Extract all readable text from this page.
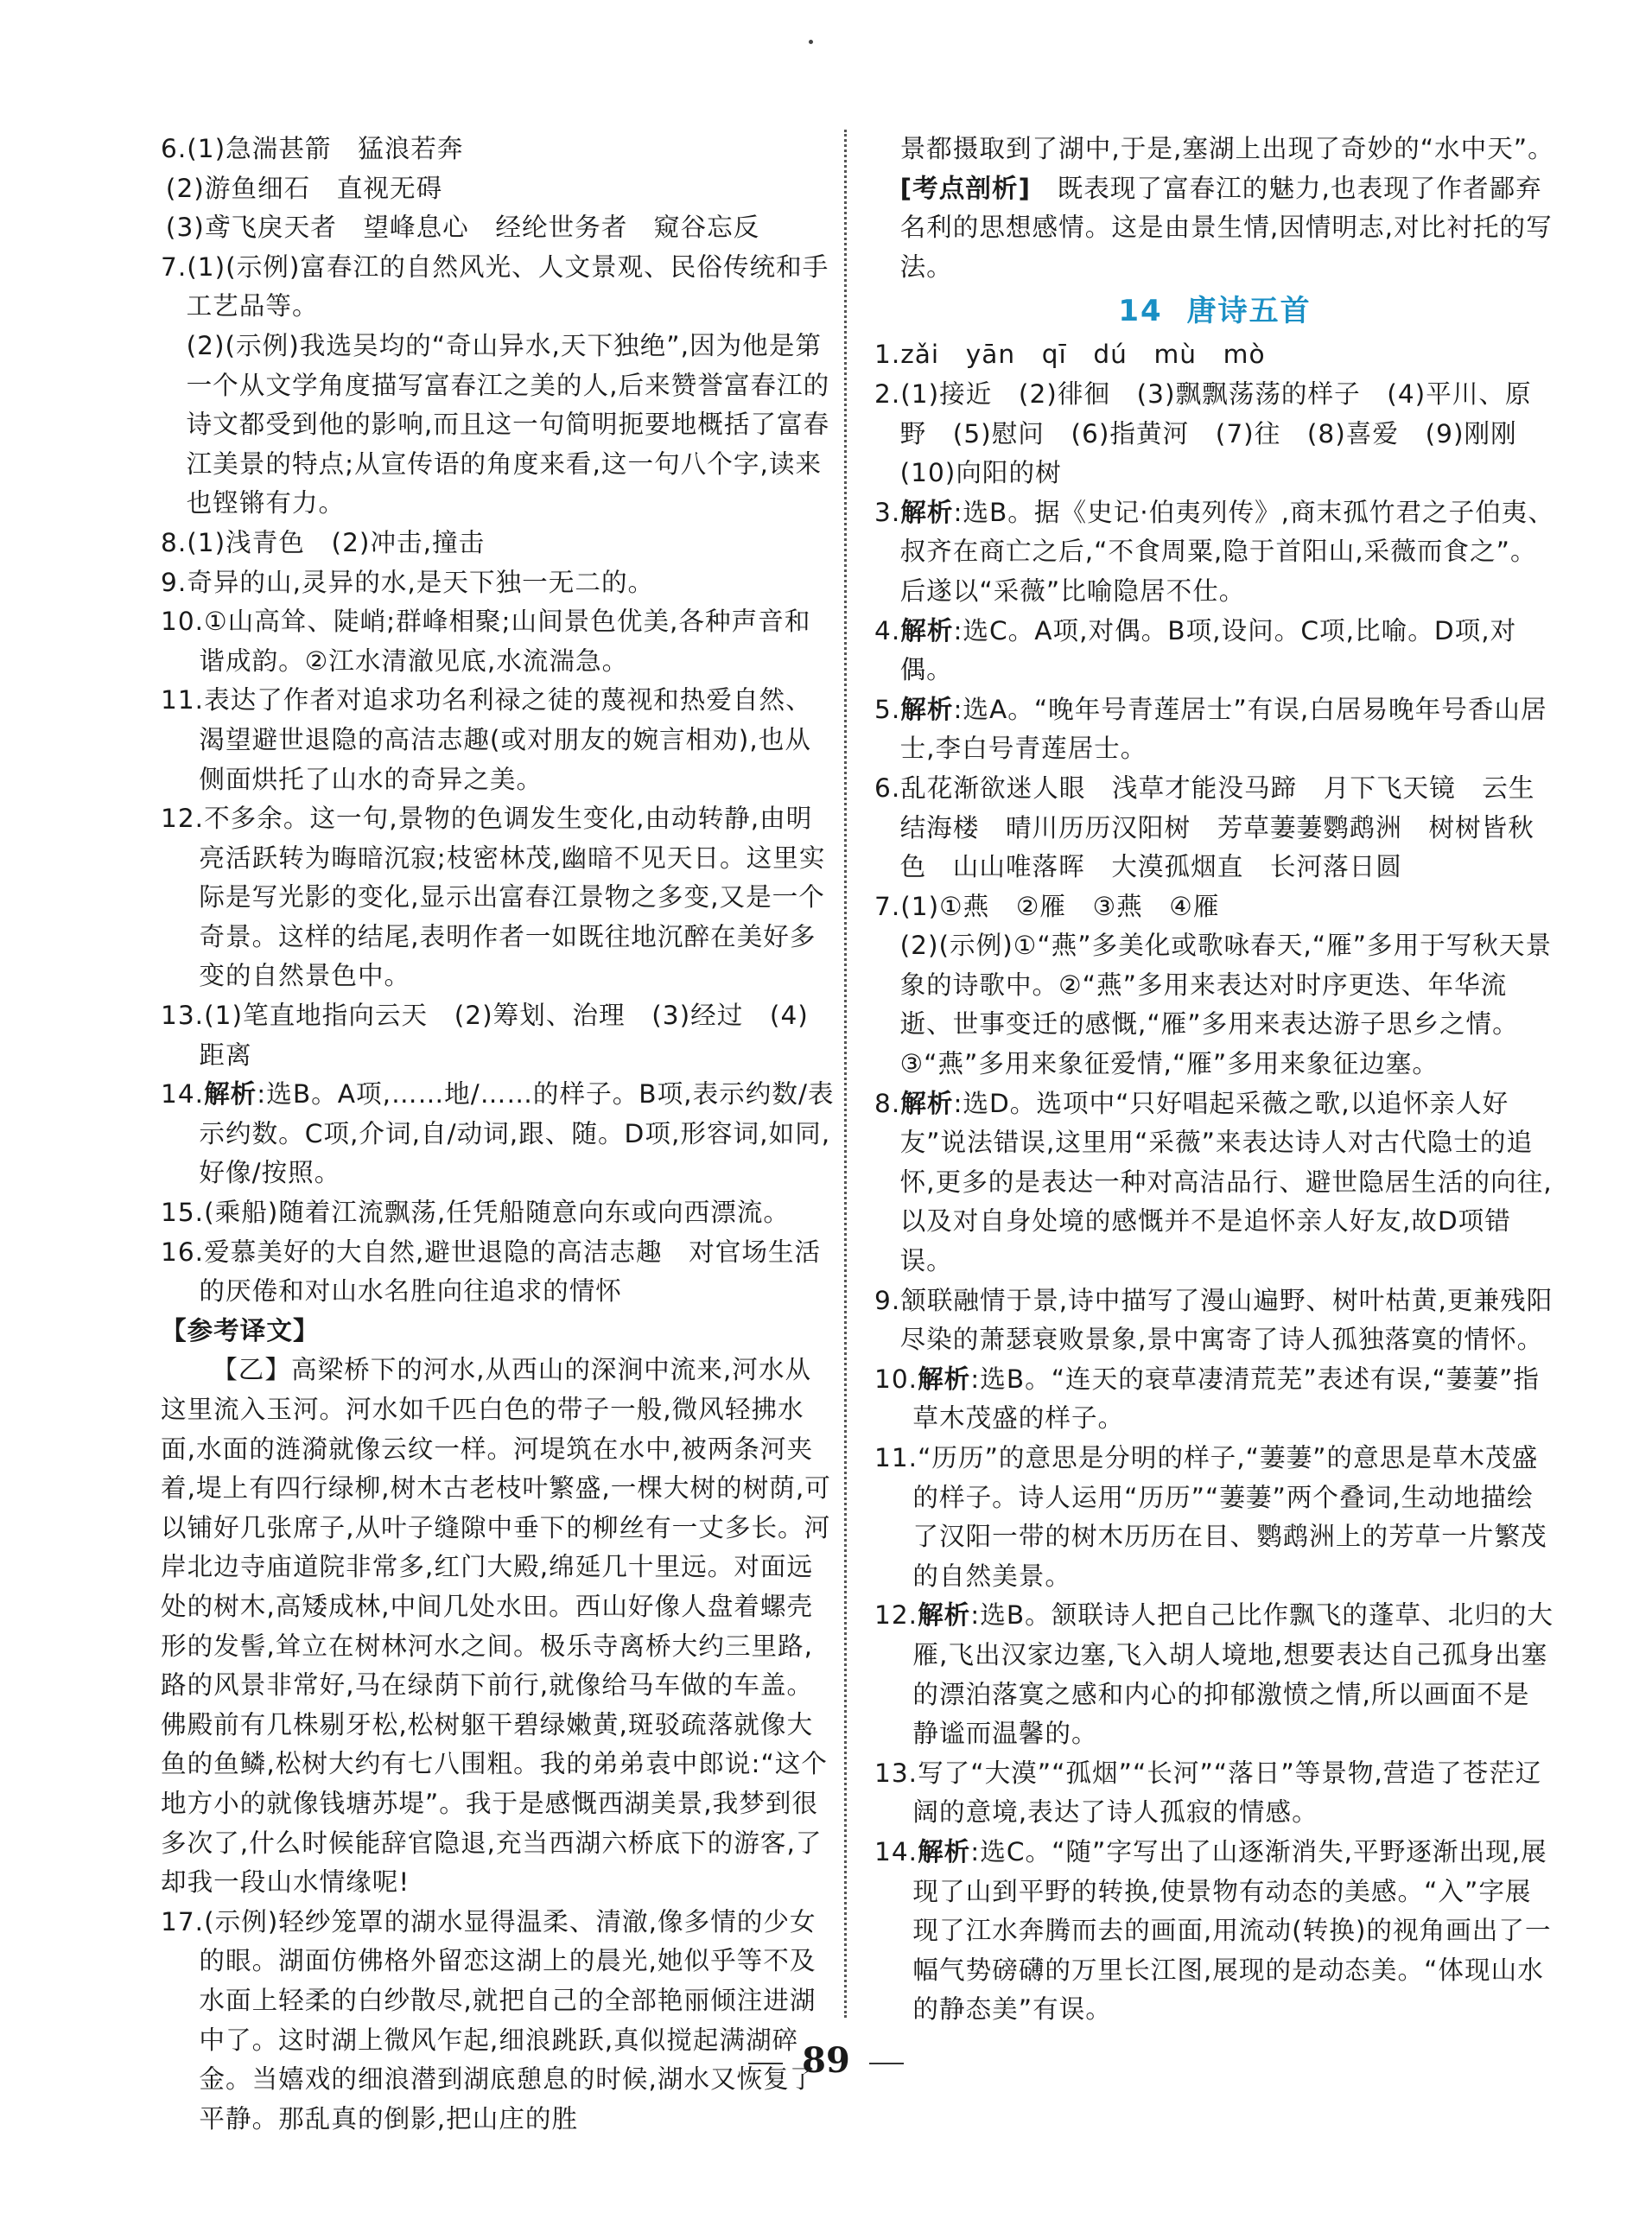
6.(1)急湍甚箭　猛浪若奔

(2)游鱼细石　直视无碍

(3)鸢飞戾天者　望峰息心　经纶世务者　窥谷忘反

7.(1)(示例)富春江的自然风光、人文景观、民俗传统和手工艺品等。

(2)(示例)我选吴均的“奇山异水,天下独绝”,因为他是第一个从文学角度描写富春江之美的人,后来赞誉富春江的诗文都受到他的影响,而且这一句简明扼要地概括了富春江美景的特点;从宣传语的角度来看,这一句八个字,读来也铿锵有力。

8.(1)浅青色　(2)冲击,撞击

9.奇异的山,灵异的水,是天下独一无二的。

10.①山高耸、陡峭;群峰相聚;山间景色优美,各种声音和谐成韵。②江水清澈见底,水流湍急。

11.表达了作者对追求功名利禄之徒的蔑视和热爱自然、渴望避世退隐的高洁志趣(或对朋友的婉言相劝),也从侧面烘托了山水的奇异之美。

12.不多余。这一句,景物的色调发生变化,由动转静,由明亮活跃转为晦暗沉寂;枝密林茂,幽暗不见天日。这里实际是写光影的变化,显示出富春江景物之多变,又是一个奇景。这样的结尾,表明作者一如既往地沉醉在美好多变的自然景色中。

13.(1)笔直地指向云天　(2)筹划、治理　(3)经过　(4)距离

14.解析:选B。A项,……地/……的样子。B项,表示约数/表示约数。C项,介词,自/动词,跟、随。D项,形容词,如同,好像/按照。

15.(乘船)随着江流飘荡,任凭船随意向东或向西漂流。

16.爱慕美好的大自然,避世退隐的高洁志趣　对官场生活的厌倦和对山水名胜向往追求的情怀

【参考译文】

【乙】高梁桥下的河水,从西山的深涧中流来,河水从这里流入玉河。河水如千匹白色的带子一般,微风轻拂水面,水面的涟漪就像云纹一样。河堤筑在水中,被两条河夹着,堤上有四行绿柳,树木古老枝叶繁盛,一棵大树的树荫,可以铺好几张席子,从叶子缝隙中垂下的柳丝有一丈多长。河岸北边寺庙道院非常多,红门大殿,绵延几十里远。对面远处的树木,高矮成林,中间几处水田。西山好像人盘着螺壳形的发髻,耸立在树林河水之间。极乐寺离桥大约三里路,路的风景非常好,马在绿荫下前行,就像给马车做的车盖。佛殿前有几株剔牙松,松树躯干碧绿嫩黄,斑驳疏落就像大鱼的鱼鳞,松树大约有七八围粗。我的弟弟袁中郎说:“这个地方小的就像钱塘苏堤”。我于是感慨西湖美景,我梦到很多次了,什么时候能辞官隐退,充当西湖六桥底下的游客,了却我一段山水情缘呢!

17.(示例)轻纱笼罩的湖水显得温柔、清澈,像多情的少女的眼。湖面仿佛格外留恋这湖上的晨光,她似乎等不及水面上轻柔的白纱散尽,就把自己的全部艳丽倾注进湖中了。这时湖上微风乍起,细浪跳跃,真似搅起满湖碎金。当嬉戏的细浪潜到湖底憩息的时候,湖水又恢复了平静。那乱真的倒影,把山庄的胜

景都摄取到了湖中,于是,塞湖上出现了奇妙的“水中天”。

[考点剖析]　既表现了富春江的魅力,也表现了作者鄙弃名利的思想感情。这是由景生情,因情明志,对比衬托的写法。

14 唐诗五首

1.zǎi　yān　qī　dú　mù　mò

2.(1)接近　(2)徘徊　(3)飘飘荡荡的样子　(4)平川、原野　(5)慰问　(6)指黄河　(7)往　(8)喜爱　(9)刚刚　(10)向阳的树

3.解析:选B。据《史记·伯夷列传》,商末孤竹君之子伯夷、叔齐在商亡之后,“不食周粟,隐于首阳山,采薇而食之”。后遂以“采薇”比喻隐居不仕。

4.解析:选C。A项,对偶。B项,设问。C项,比喻。D项,对偶。

5.解析:选A。“晚年号青莲居士”有误,白居易晚年号香山居士,李白号青莲居士。

6.乱花渐欲迷人眼　浅草才能没马蹄　月下飞天镜　云生结海楼　晴川历历汉阳树　芳草萋萋鹦鹉洲　树树皆秋色　山山唯落晖　大漠孤烟直　长河落日圆

7.(1)①燕　②雁　③燕　④雁

(2)(示例)①“燕”多美化或歌咏春天,“雁”多用于写秋天景象的诗歌中。②“燕”多用来表达对时序更迭、年华流逝、世事变迁的感慨,“雁”多用来表达游子思乡之情。③“燕”多用来象征爱情,“雁”多用来象征边塞。

8.解析:选D。选项中“只好唱起采薇之歌,以追怀亲人好友”说法错误,这里用“采薇”来表达诗人对古代隐士的追怀,更多的是表达一种对高洁品行、避世隐居生活的向往,以及对自身处境的感慨并不是追怀亲人好友,故D项错误。

9.颔联融情于景,诗中描写了漫山遍野、树叶枯黄,更兼残阳尽染的萧瑟衰败景象,景中寓寄了诗人孤独落寞的情怀。

10.解析:选B。“连天的衰草凄清荒芜”表述有误,“萋萋”指草木茂盛的样子。

11.“历历”的意思是分明的样子,“萋萋”的意思是草木茂盛的样子。诗人运用“历历”“萋萋”两个叠词,生动地描绘了汉阳一带的树木历历在目、鹦鹉洲上的芳草一片繁茂的自然美景。

12.解析:选B。颔联诗人把自己比作飘飞的蓬草、北归的大雁,飞出汉家边塞,飞入胡人境地,想要表达自己孤身出塞的漂泊落寞之感和内心的抑郁激愤之情,所以画面不是静谧而温馨的。

13.写了“大漠”“孤烟”“长河”“落日”等景物,营造了苍茫辽阔的意境,表达了诗人孤寂的情感。

14.解析:选C。“随”字写出了山逐渐消失,平野逐渐出现,展现了山到平野的转换,使景物有动态的美感。“入”字展现了江水奔腾而去的画面,用流动(转换)的视角画出了一幅气势磅礴的万里长江图,展现的是动态美。“体现山水的静态美”有误。

89
